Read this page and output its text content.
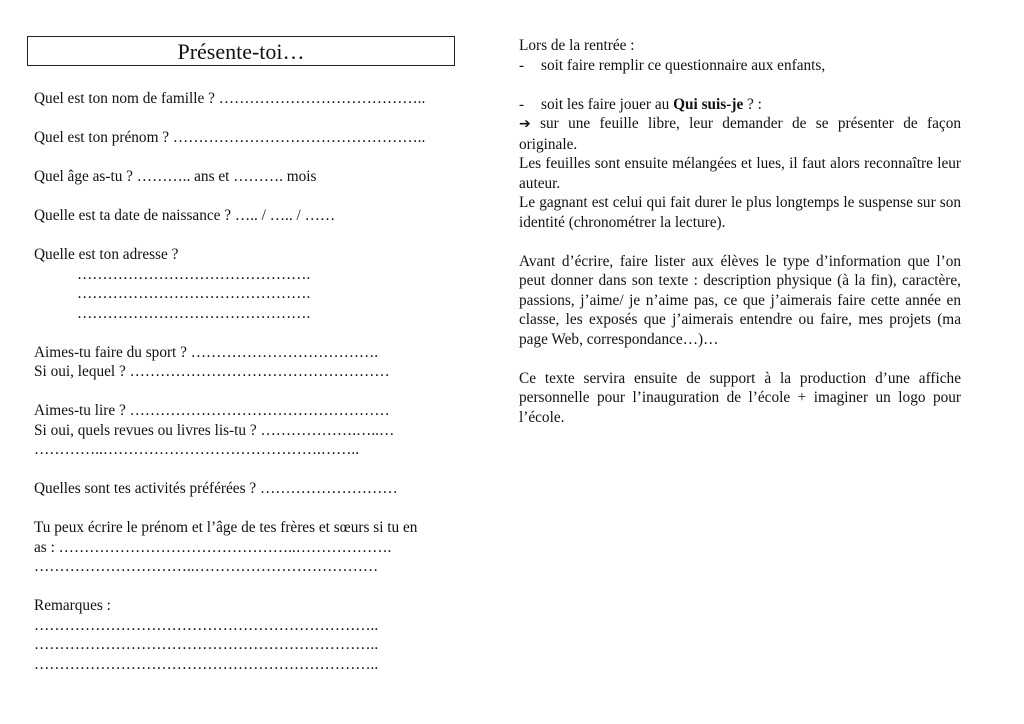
Présente-toi…
Quel est ton nom de famille ? …………………………………..
Quel est ton prénom ? …………………………………………..
Quel âge as-tu ? ……….. ans et ………. mois
Quelle est ta date de naissance ? ….. / ….. / ……
Quelle est ton adresse ?
……………………………………….
……………………………………….
……………………………………….
Aimes-tu faire du sport ? ……………………………….
Si oui, lequel ? ……………………………………………
Aimes-tu lire ? ……………………………………………
Si oui, quels revues ou livres lis-tu ? ……………….…..…
…………..…………………………………….……..
Quelles sont tes activités préférées ? ………………………
Tu peux écrire le prénom et l’âge de tes frères et sœurs si tu en
as : ………………………………………..……………….
…………………………..………………………………
Remarques :
…………………………………………………………..
…………………………………………………………..
…………………………………………………………..

Lors de la rentrée :

-	soit faire remplir ce questionnaire aux enfants,

-	soit les faire jouer au Qui suis-je ? :

➔ sur une feuille libre, leur demander de se présenter de façon originale.

Les feuilles sont ensuite mélangées et lues, il faut alors reconnaître leur auteur.

Le gagnant est celui qui fait durer le plus longtemps le suspense sur son identité (chronométrer la lecture).

Avant d’écrire, faire lister aux élèves le type d’information que l’on peut donner dans son texte : description physique (à la fin), caractère, passions, j’aime/ je n’aime pas, ce que j’aimerais faire cette année en classe, les exposés que j’aimerais entendre ou faire, mes projets (ma page Web, correspondance…)…

Ce texte servira ensuite de support à la production d’une affiche personnelle pour l’inauguration de l’école + imaginer un logo pour l’école.
